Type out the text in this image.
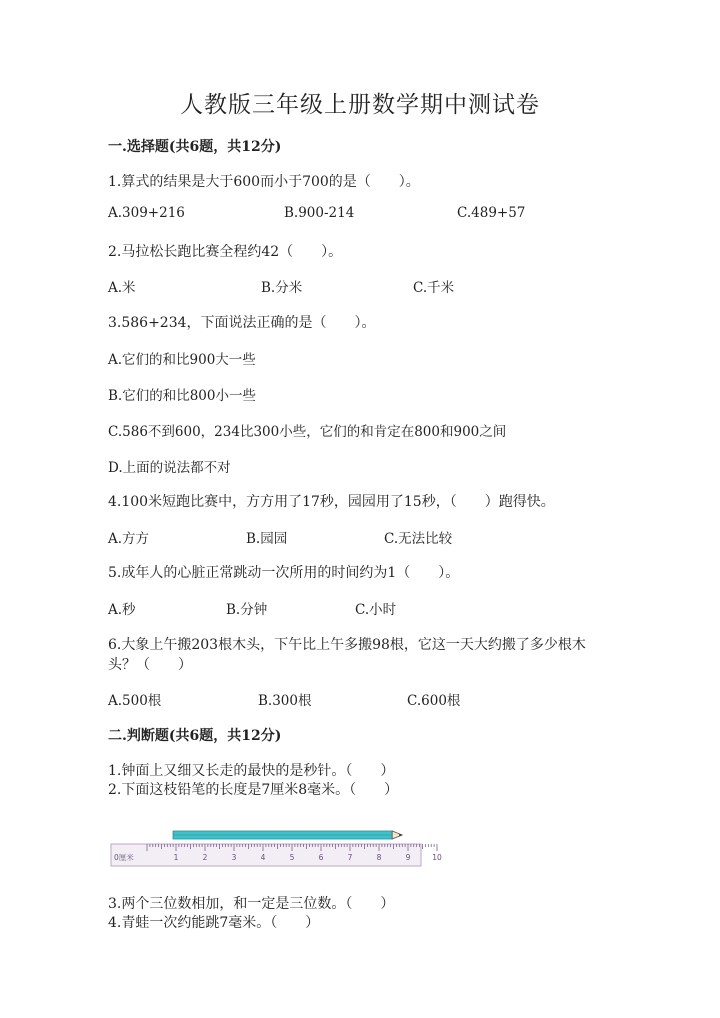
人教版三年级上册数学期中测试卷
一.选择题(共6题，共12分)
1.算式的结果是大于600而小于700的是（　　）。
A.309+216	B.900-214	C.489+57
2.马拉松长跑比赛全程约42（　　）。
A.米	B.分米	C.千米
3.586+234，下面说法正确的是（　　）。
A.它们的和比900大一些
B.它们的和比800小一些
C.586不到600，234比300小些，它们的和肯定在800和900之间
D.上面的说法都不对
4.100米短跑比赛中，方方用了17秒，园园用了15秒，（　　）跑得快。
A.方方	B.园园	C.无法比较
5.成年人的心脏正常跳动一次所用的时间约为1（　　）。
A.秒	B.分钟	C.小时
6.大象上午搬203根木头，下午比上午多搬98根，它这一天大约搬了多少根木
头？（　　）
A.500根	B.300根	C.600根
二.判断题(共6题，共12分)
1.钟面上又细又长走的最快的是秒针。（　　）
2.下面这枝铅笔的长度是7厘米8毫米。（　　）
0厘米	1	2	3	4	5	6	7	8	9	10
3.两个三位数相加，和一定是三位数。（　　）
4.青蛙一次约能跳7毫米。（　　）
